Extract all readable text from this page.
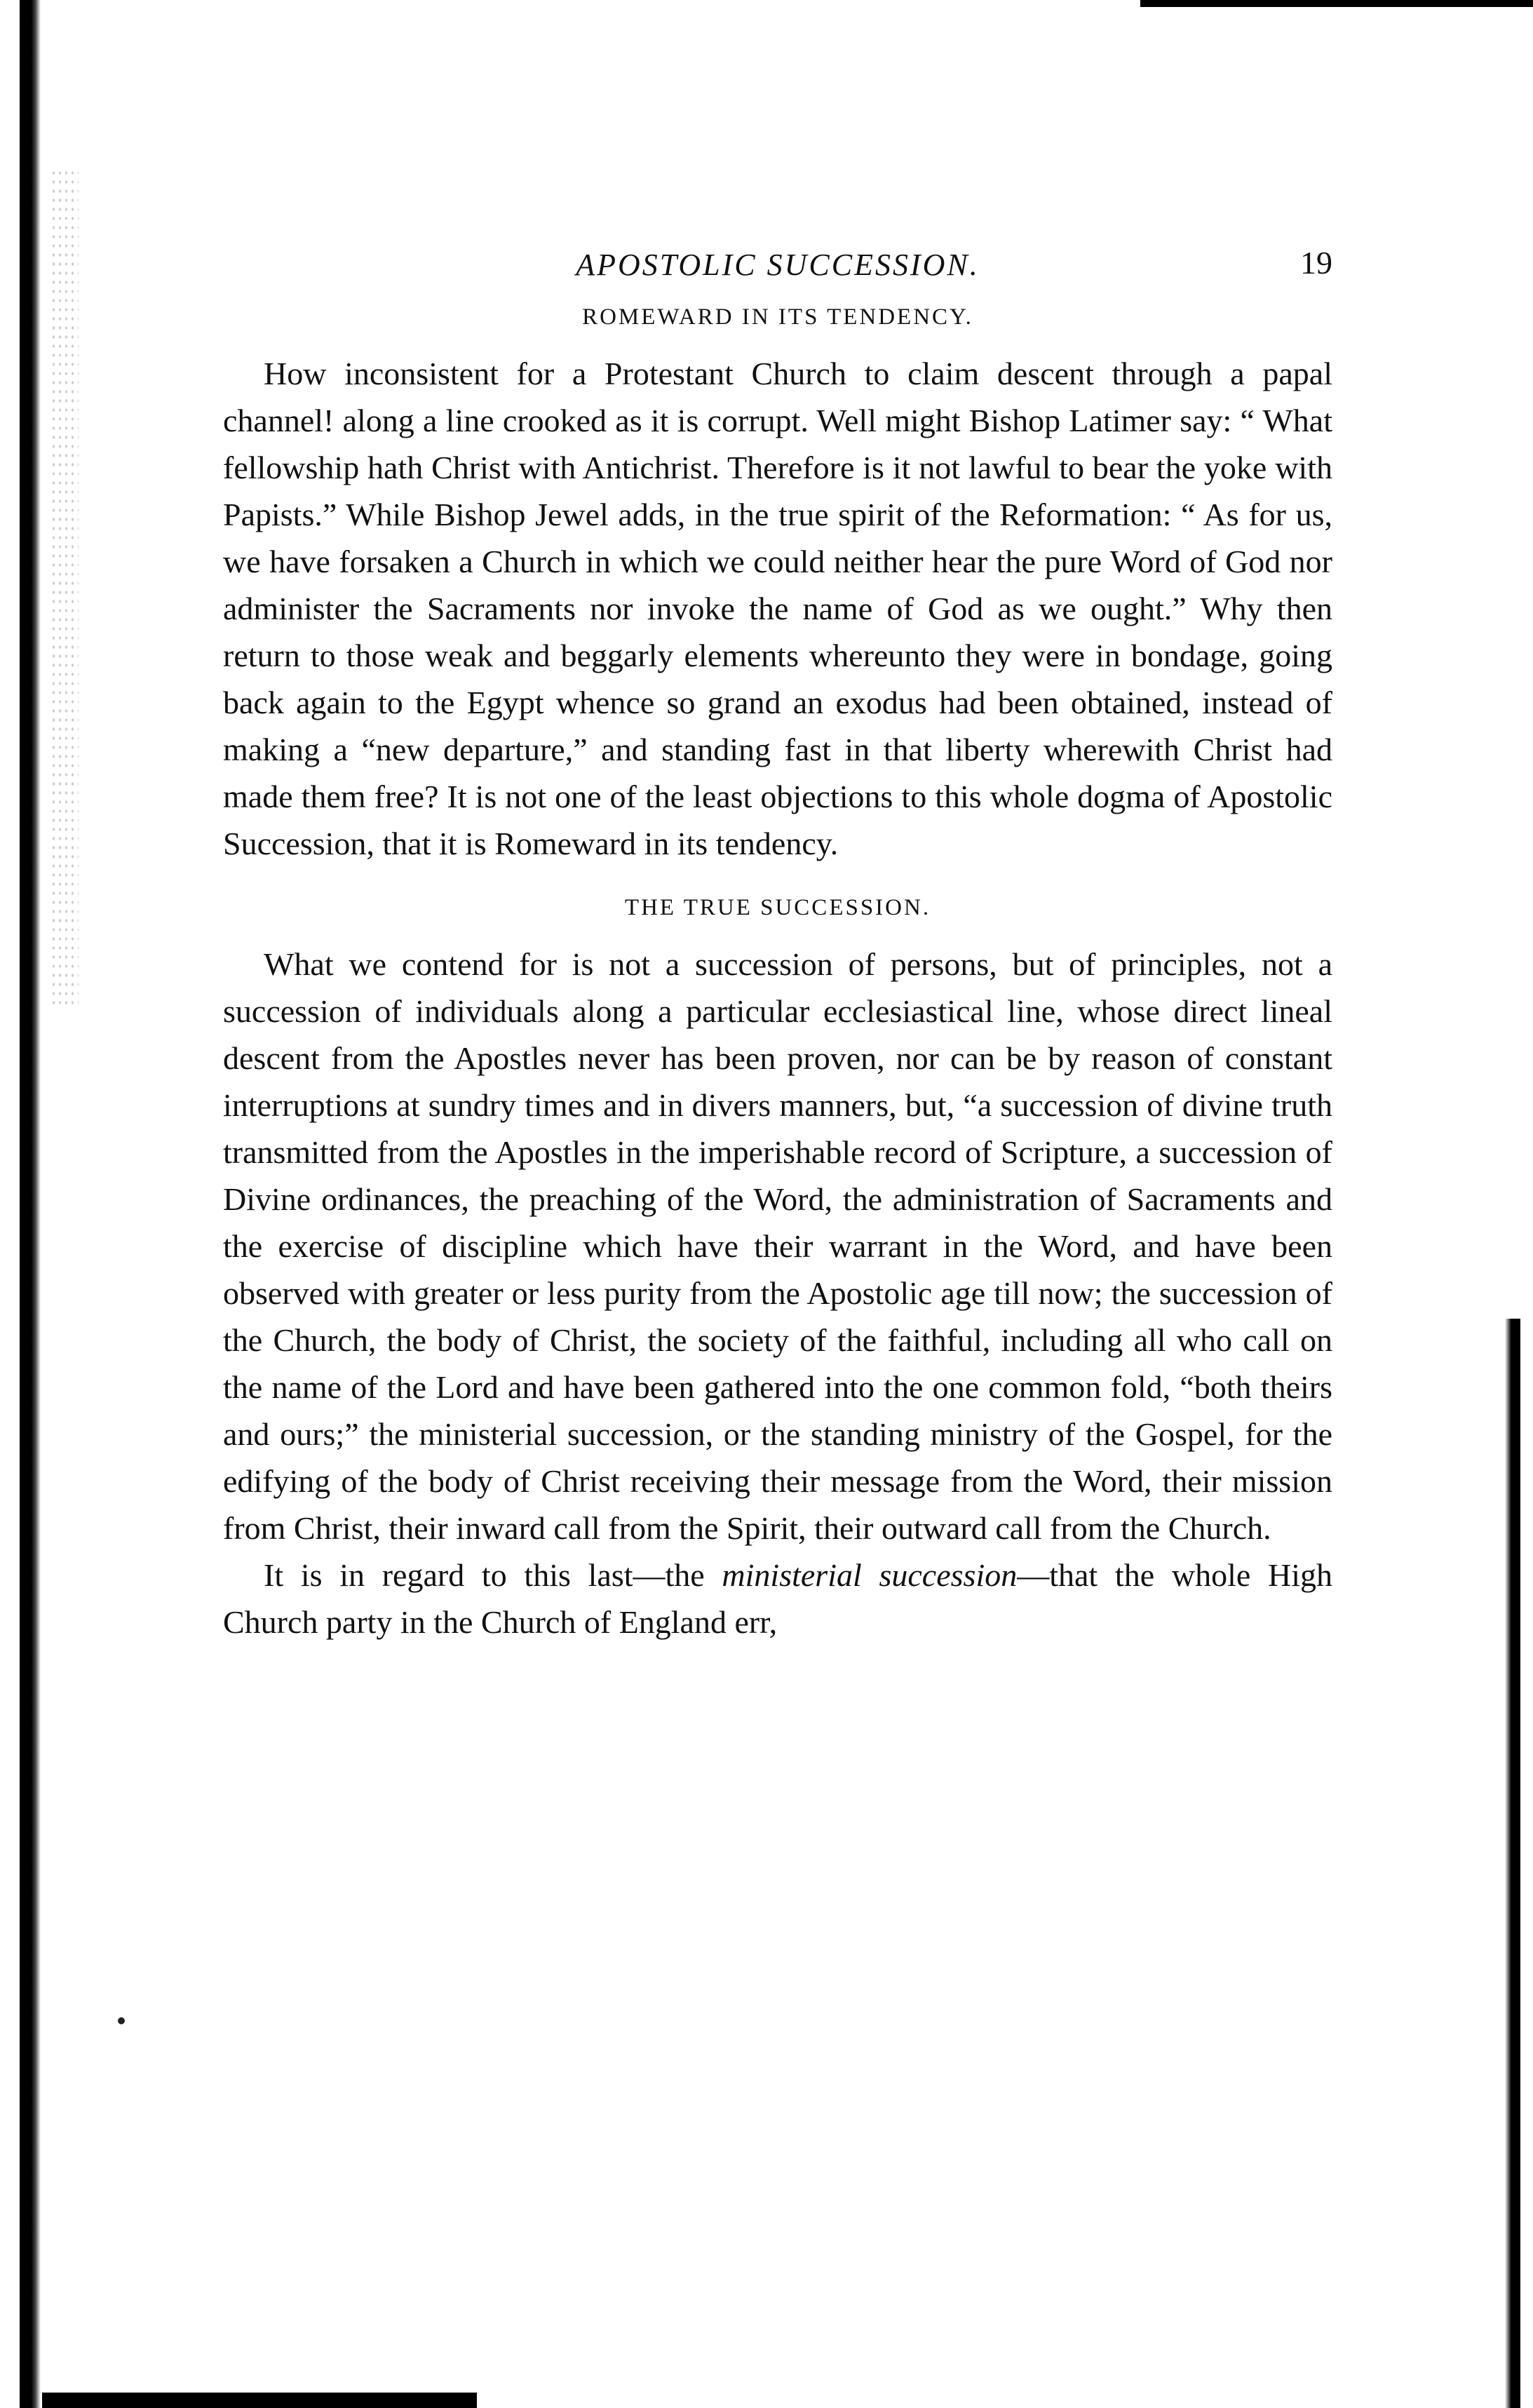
APOSTOLIC SUCCESSION.	19
ROMEWARD IN ITS TENDENCY.

How inconsistent for a Protestant Church to claim descent through a papal channel! along a line crooked as it is corrupt. Well might Bishop Latimer say: “ What fellowship hath Christ with Antichrist. Therefore is it not lawful to bear the yoke with Papists.” While Bishop Jewel adds, in the true spirit of the Reformation: “ As for us, we have forsaken a Church in which we could neither hear the pure Word of God nor administer the Sacraments nor invoke the name of God as we ought.” Why then return to those weak and beggarly elements whereunto they were in bondage, going back again to the Egypt whence so grand an exodus had been obtained, instead of making a “new departure,” and standing fast in that liberty wherewith Christ had made them free? It is not one of the least objections to this whole dogma of Apostolic Succession, that it is Romeward in its tendency.

THE TRUE SUCCESSION.

What we contend for is not a succession of persons, but of principles, not a succession of individuals along a particular ecclesiastical line, whose direct lineal descent from the Apostles never has been proven, nor can be by reason of constant interruptions at sundry times and in divers manners, but, “a succession of divine truth transmitted from the Apostles in the imperishable record of Scripture, a succession of Divine ordinances, the preaching of the Word, the administration of Sacraments and the exercise of discipline which have their warrant in the Word, and have been observed with greater or less purity from the Apostolic age till now; the succession of the Church, the body of Christ, the society of the faithful, including all who call on the name of the Lord and have been gathered into the one common fold, “both theirs and ours;” the ministerial succession, or the standing ministry of the Gospel, for the edifying of the body of Christ receiving their message from the Word, their mission from Christ, their inward call from the Spirit, their outward call from the Church.

It is in regard to this last—the ministerial succession—that the whole High Church party in the Church of England err,
